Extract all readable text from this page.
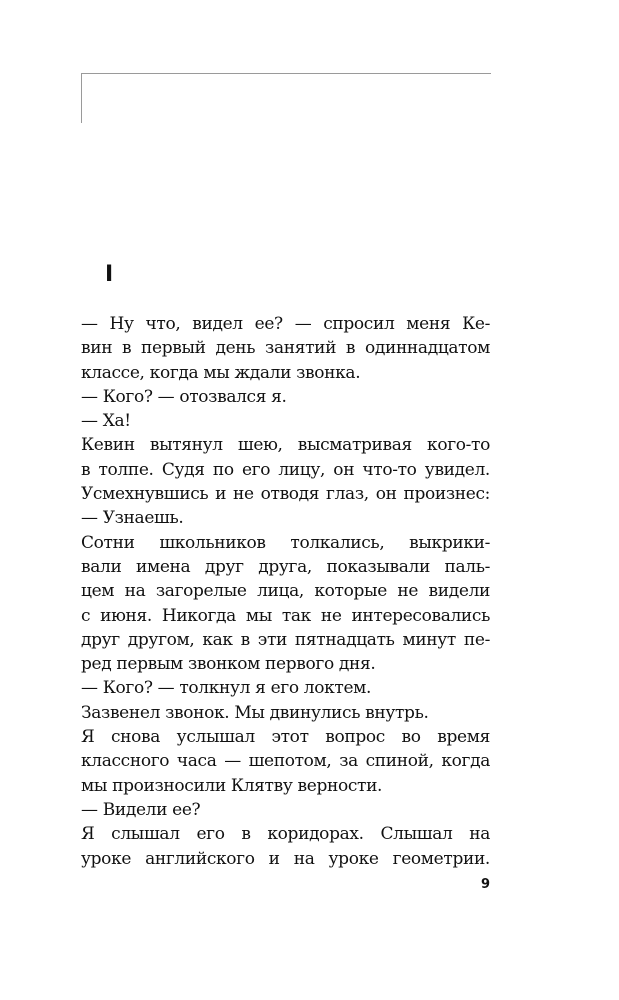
I
— Ну что, видел ее? — спросил меня Ке-
вин в первый день занятий в одиннадцатом
классе, когда мы ждали звонка.
— Кого? — отозвался я.
— Ха!
Кевин вытянул шею, высматривая кого-то
в толпе. Судя по его лицу, он что-то увидел.
Усмехнувшись и не отводя глаз, он произнес:
— Узнаешь.
Сотни школьников толкались, выкрики-
вали имена друг друга, показывали паль-
цем на загорелые лица, которые не видели
с июня. Никогда мы так не интересовались
друг другом, как в эти пятнадцать минут пе-
ред первым звонком первого дня.
— Кого? — толкнул я его локтем.
Зазвенел звонок. Мы двинулись внутрь.
Я снова услышал этот вопрос во время
классного часа — шепотом, за спиной, когда
мы произносили Клятву верности.
— Видели ее?
Я слышал его в коридорах. Слышал на
уроке английского и на уроке геометрии.
9
